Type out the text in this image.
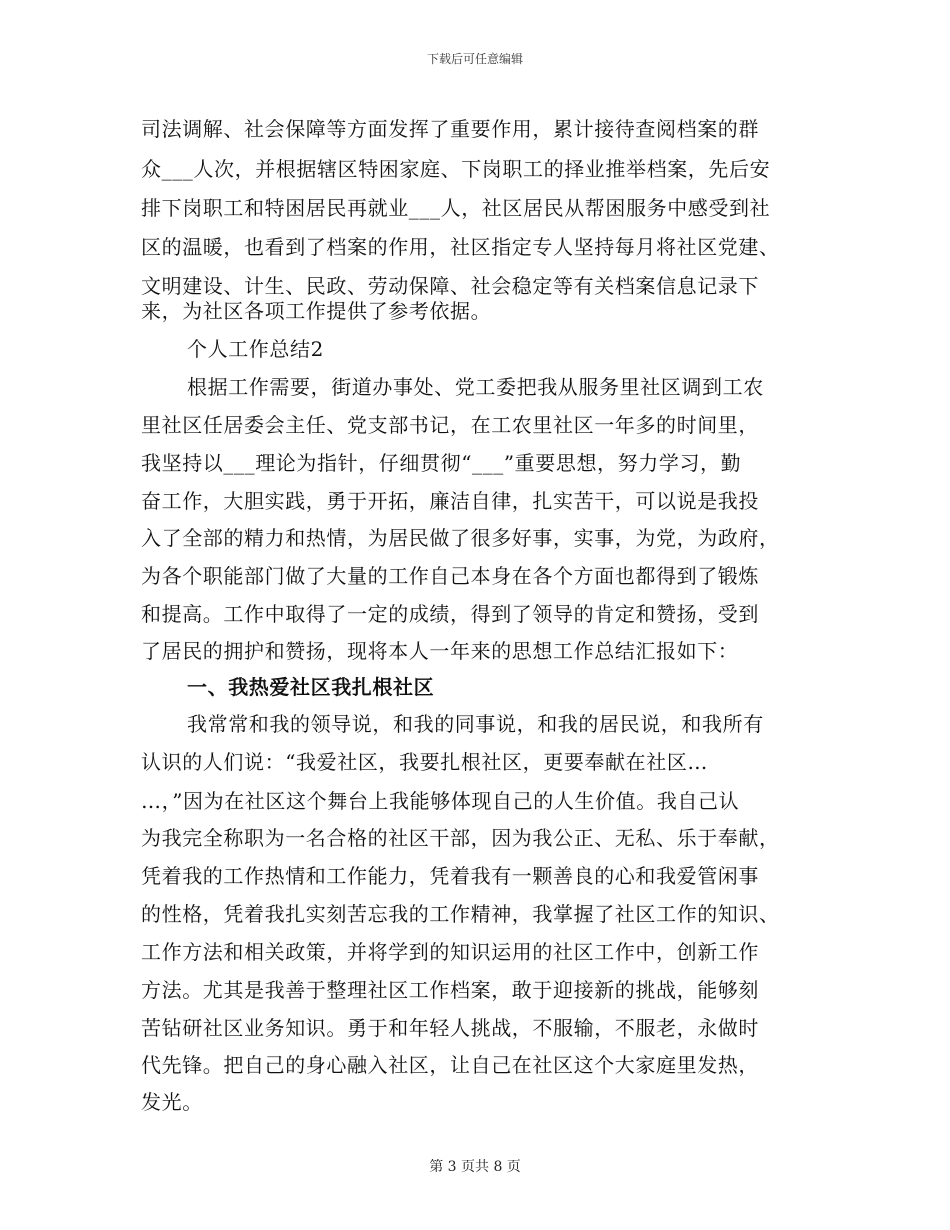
下载后可任意编辑
司法调解、社会保障等方面发挥了重要作用，累计接待查阅档案的群
众___人次，并根据辖区特困家庭、下岗职工的择业推举档案，先后安
排下岗职工和特困居民再就业___人，社区居民从帮困服务中感受到社
区的温暖，也看到了档案的作用，社区指定专人坚持每月将社区党建、
文明建设、计生、民政、劳动保障、社会稳定等有关档案信息记录下
来，为社区各项工作提供了参考依据。
个人工作总结2
根据工作需要，街道办事处、党工委把我从服务里社区调到工农
里社区任居委会主任、党支部书记，在工农里社区一年多的时间里，
我坚持以___理论为指针，仔细贯彻“___”重要思想，努力学习，勤
奋工作，大胆实践，勇于开拓，廉洁自律，扎实苦干，可以说是我投
入了全部的精力和热情，为居民做了很多好事，实事，为党，为政府，
为各个职能部门做了大量的工作自己本身在各个方面也都得到了锻炼
和提高。工作中取得了一定的成绩，得到了领导的肯定和赞扬，受到
了居民的拥护和赞扬，现将本人一年来的思想工作总结汇报如下：
一、我热爱社区我扎根社区
我常常和我的领导说，和我的同事说，和我的居民说，和我所有
认识的人们说：“我爱社区，我要扎根社区，更要奉献在社区…
…，”因为在社区这个舞台上我能够体现自己的人生价值。我自己认
为我完全称职为一名合格的社区干部，因为我公正、无私、乐于奉献，
凭着我的工作热情和工作能力，凭着我有一颗善良的心和我爱管闲事
的性格，凭着我扎实刻苦忘我的工作精神，我掌握了社区工作的知识、
工作方法和相关政策，并将学到的知识运用的社区工作中，创新工作
方法。尤其是我善于整理社区工作档案，敢于迎接新的挑战，能够刻
苦钻研社区业务知识。勇于和年轻人挑战，不服输，不服老，永做时
代先锋。把自己的身心融入社区，让自己在社区这个大家庭里发热，
发光。
第 3 页共 8 页
